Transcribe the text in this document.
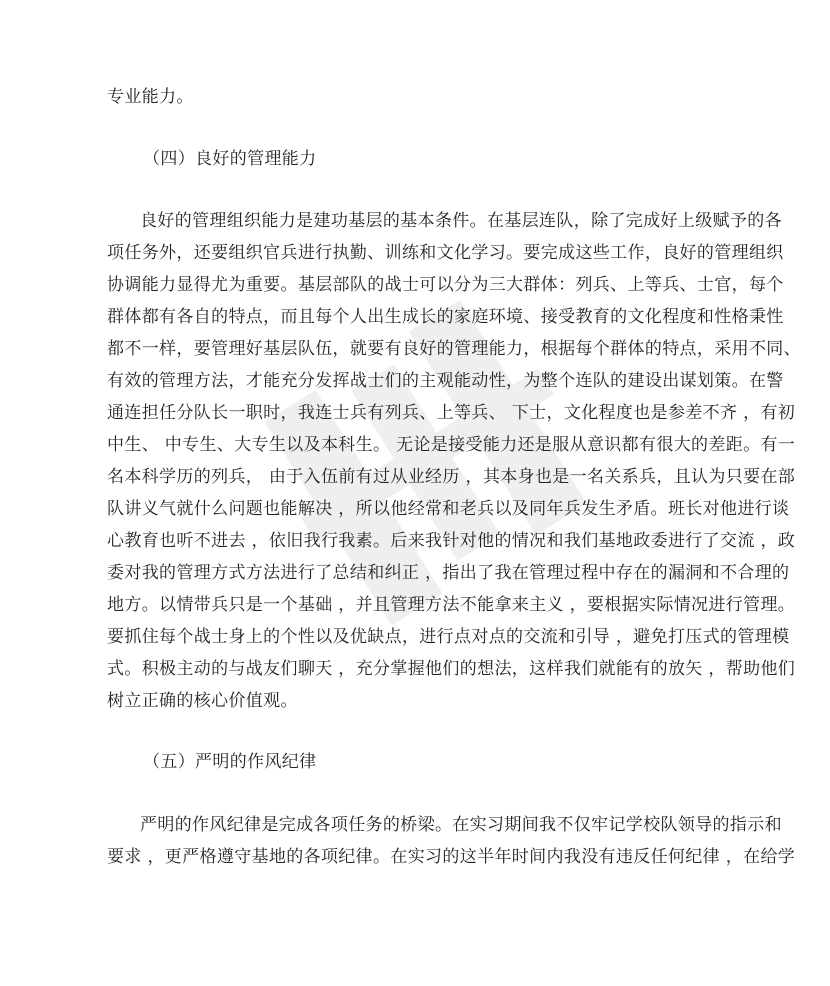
专业能力。
（四）良好的管理能力
良好的管理组织能力是建功基层的基本条件。在基层连队，除了完成好上级赋予的各
项任务外，还要组织官兵进行执勤、训练和文化学习。要完成这些工作，良好的管理组织
协调能力显得尤为重要。基层部队的战士可以分为三大群体：列兵、上等兵、士官，每个
群体都有各自的特点，而且每个人出生成长的家庭环境、接受教育的文化程度和性格秉性
都不一样，要管理好基层队伍，就要有良好的管理能力，根据每个群体的特点，采用不同、
有效的管理方法，才能充分发挥战士们的主观能动性，为整个连队的建设出谋划策。在警
通连担任分队长一职时，我连士兵有列兵、上等兵、 下士，文化程度也是参差不齐 ，有初
中生、 中专生、大专生以及本科生。 无论是接受能力还是服从意识都有很大的差距。有一
名本科学历的列兵， 由于入伍前有过从业经历 ，其本身也是一名关系兵，且认为只要在部
队讲义气就什么问题也能解决 ，所以他经常和老兵以及同年兵发生矛盾。班长对他进行谈
心教育也听不进去 ，依旧我行我素。后来我针对他的情况和我们基地政委进行了交流 ，政
委对我的管理方式方法进行了总结和纠正 ，指出了我在管理过程中存在的漏洞和不合理的
地方。以情带兵只是一个基础 ，并且管理方法不能拿来主义 ，要根据实际情况进行管理。
要抓住每个战士身上的个性以及优缺点，进行点对点的交流和引导 ，避免打压式的管理模
式。积极主动的与战友们聊天 ，充分掌握他们的想法，这样我们就能有的放矢 ，帮助他们
树立正确的核心价值观。
（五）严明的作风纪律
严明的作风纪律是完成各项任务的桥梁。在实习期间我不仅牢记学校队领导的指示和
要求 ，更严格遵守基地的各项纪律。在实习的这半年时间内我没有违反任何纪律 ，在给学
